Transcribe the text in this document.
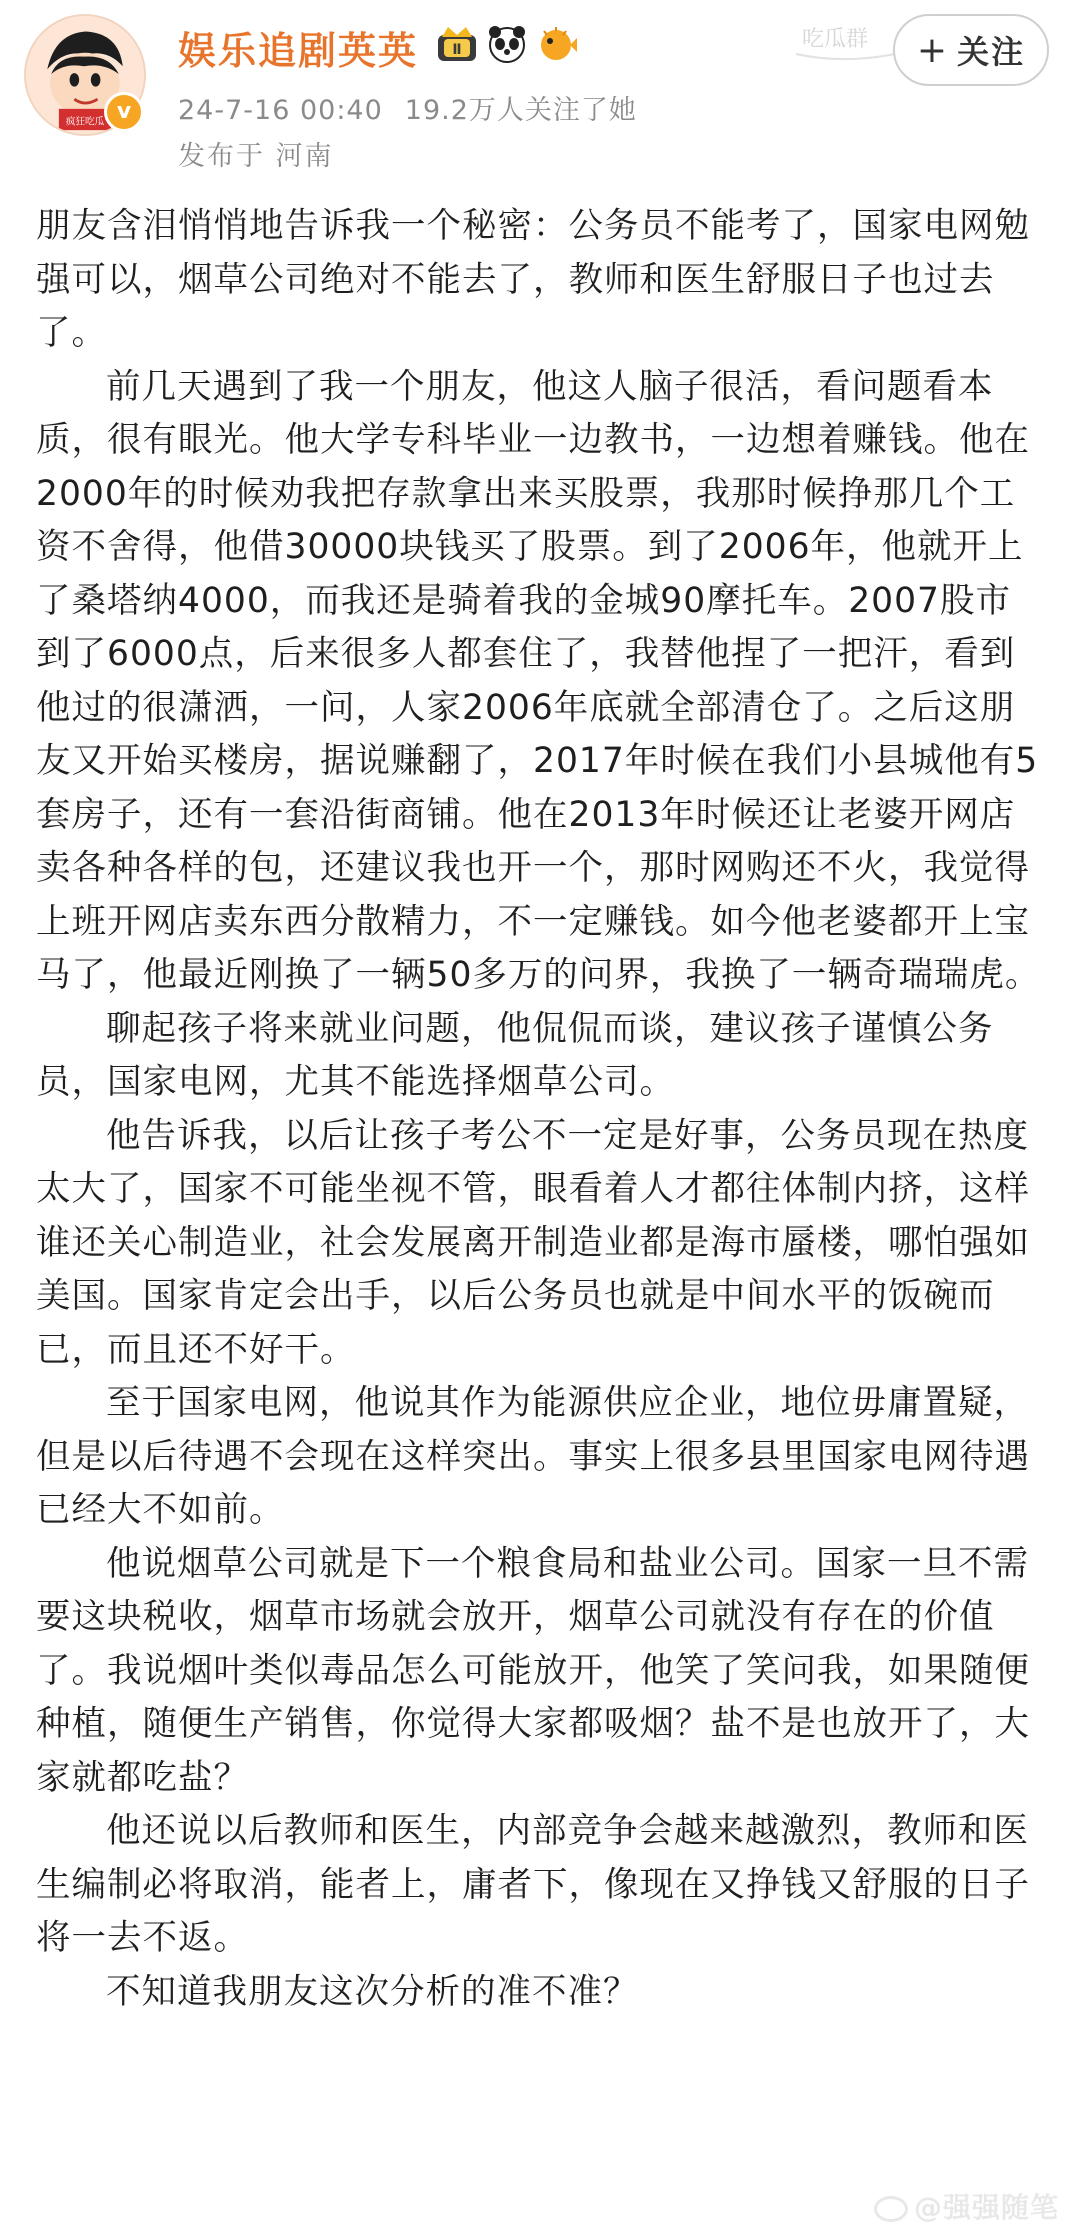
疯狂吃瓜 v
娱乐追剧英英 Ⅱ
24-7-16 00:40 19.2万人关注了她
发布于 河南
吃瓜群 + 关注

朋友含泪悄悄地告诉我一个秘密：公务员不能考了，国家电网勉强可以，烟草公司绝对不能去了，教师和医生舒服日子也过去了。

前几天遇到了我一个朋友，他这人脑子很活，看问题看本质，很有眼光。他大学专科毕业一边教书，一边想着赚钱。他在2000年的时候劝我把存款拿出来买股票，我那时候挣那几个工资不舍得，他借30000块钱买了股票。到了2006年，他就开上了桑塔纳4000，而我还是骑着我的金城90摩托车。2007股市到了6000点，后来很多人都套住了，我替他捏了一把汗，看到他过的很潇洒，一问，人家2006年底就全部清仓了。之后这朋友又开始买楼房，据说赚翻了，2017年时候在我们小县城他有5套房子，还有一套沿街商铺。他在2013年时候还让老婆开网店卖各种各样的包，还建议我也开一个，那时网购还不火，我觉得上班开网店卖东西分散精力，不一定赚钱。如今他老婆都开上宝马了，他最近刚换了一辆50多万的问界，我换了一辆奇瑞瑞虎。

聊起孩子将来就业问题，他侃侃而谈，建议孩子谨慎公务员，国家电网，尤其不能选择烟草公司。

他告诉我，以后让孩子考公不一定是好事，公务员现在热度太大了，国家不可能坐视不管，眼看着人才都往体制内挤，这样谁还关心制造业，社会发展离开制造业都是海市蜃楼，哪怕强如美国。国家肯定会出手，以后公务员也就是中间水平的饭碗而已，而且还不好干。

至于国家电网，他说其作为能源供应企业，地位毋庸置疑，但是以后待遇不会现在这样突出。事实上很多县里国家电网待遇已经大不如前。

他说烟草公司就是下一个粮食局和盐业公司。国家一旦不需要这块税收，烟草市场就会放开，烟草公司就没有存在的价值了。我说烟叶类似毒品怎么可能放开，他笑了笑问我，如果随便种植，随便生产销售，你觉得大家都吸烟？盐不是也放开了，大家就都吃盐？

他还说以后教师和医生，内部竞争会越来越激烈，教师和医生编制必将取消，能者上，庸者下，像现在又挣钱又舒服的日子将一去不返。

不知道我朋友这次分析的准不准？

@强强随笔
